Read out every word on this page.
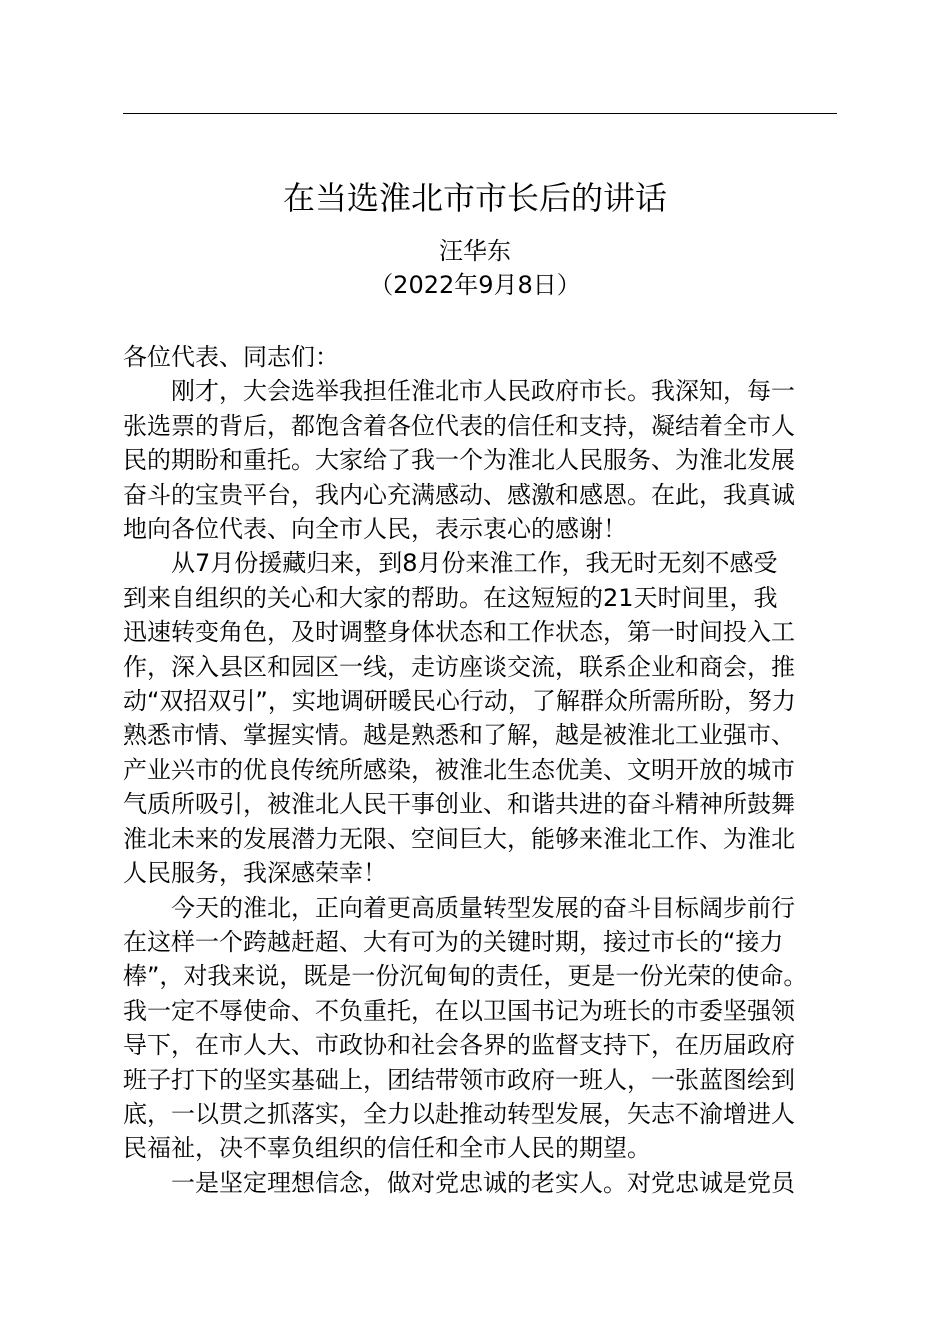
在当选淮北市市长后的讲话
汪华东
（2022年9月8日）

各位代表、同志们：

刚才，大会选举我担任淮北市人民政府市长。我深知，每一
张选票的背后，都饱含着各位代表的信任和支持，凝结着全市人
民的期盼和重托。大家给了我一个为淮北人民服务、为淮北发展
奋斗的宝贵平台，我内心充满感动、感激和感恩。在此，我真诚
地向各位代表、向全市人民，表示衷心的感谢！

从7月份援藏归来，到8月份来淮工作，我无时无刻不感受
到来自组织的关心和大家的帮助。在这短短的21天时间里，我
迅速转变角色，及时调整身体状态和工作状态，第一时间投入工
作，深入县区和园区一线，走访座谈交流，联系企业和商会，推
动“双招双引”，实地调研暖民心行动，了解群众所需所盼，努力
熟悉市情、掌握实情。越是熟悉和了解，越是被淮北工业强市、
产业兴市的优良传统所感染，被淮北生态优美、文明开放的城市
气质所吸引，被淮北人民干事创业、和谐共进的奋斗精神所鼓舞
淮北未来的发展潜力无限、空间巨大，能够来淮北工作、为淮北
人民服务，我深感荣幸！

今天的淮北，正向着更高质量转型发展的奋斗目标阔步前行
在这样一个跨越赶超、大有可为的关键时期，接过市长的“接力
棒”，对我来说，既是一份沉甸甸的责任，更是一份光荣的使命。
我一定不辱使命、不负重托，在以卫国书记为班长的市委坚强领
导下，在市人大、市政协和社会各界的监督支持下，在历届政府
班子打下的坚实基础上，团结带领市政府一班人，一张蓝图绘到
底，一以贯之抓落实，全力以赴推动转型发展，矢志不渝增进人
民福祉，决不辜负组织的信任和全市人民的期望。

一是坚定理想信念，做对党忠诚的老实人。对党忠诚是党员
